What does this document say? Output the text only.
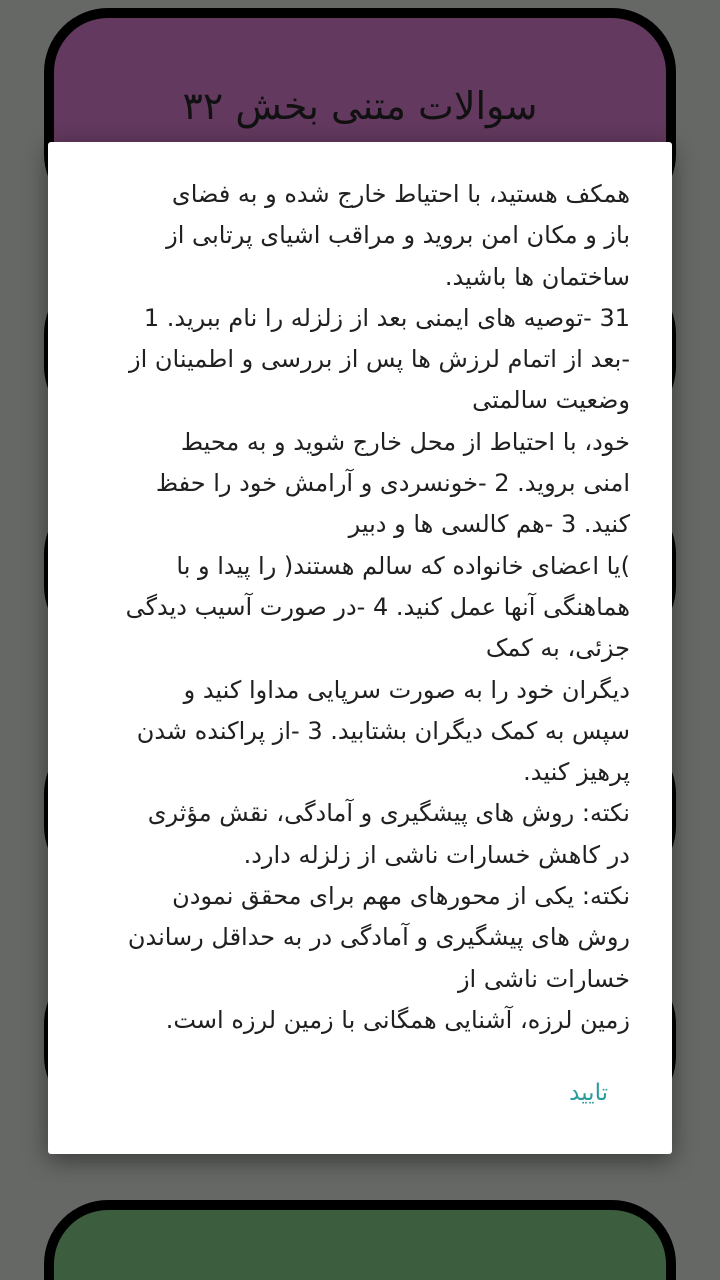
سوالات متنی بخش ۳۲
همکف هستید، با احتیاط خارج شده و به فضای
باز و مکان امن بروید و مراقب اشیای پرتابی از
ساختمان ها باشید.
31 -توصیه های ایمنی بعد از زلزله را نام ببرید. 1
-بعد از اتمام لرزش ها پس از بررسی و اطمینان از
وضعیت سالمتی
خود، با احتیاط از محل خارج شوید و به محیط
امنی بروید. 2 -خونسردی و آرامش خود را حفظ
کنید. 3 -هم کالسی ها و دبیر
)یا اعضای خانواده که سالم هستند( را پیدا و با
هماهنگی آنها عمل کنید. 4 -در صورت آسیب دیدگی
جزئی، به کمک
دیگران خود را به صورت سرپایی مداوا کنید و
سپس به کمک دیگران بشتابید. 3 -از پراکنده شدن
پرهیز کنید.
نکته: روش های پیشگیری و آمادگی، نقش مؤثری
در کاهش خسارات ناشی از زلزله دارد.
نکته: یکی از محورهای مهم برای محقق نمودن
روش های پیشگیری و آمادگی در به حداقل رساندن
خسارات ناشی از
زمین لرزه، آشنایی همگانی با زمین لرزه است.
تایید
